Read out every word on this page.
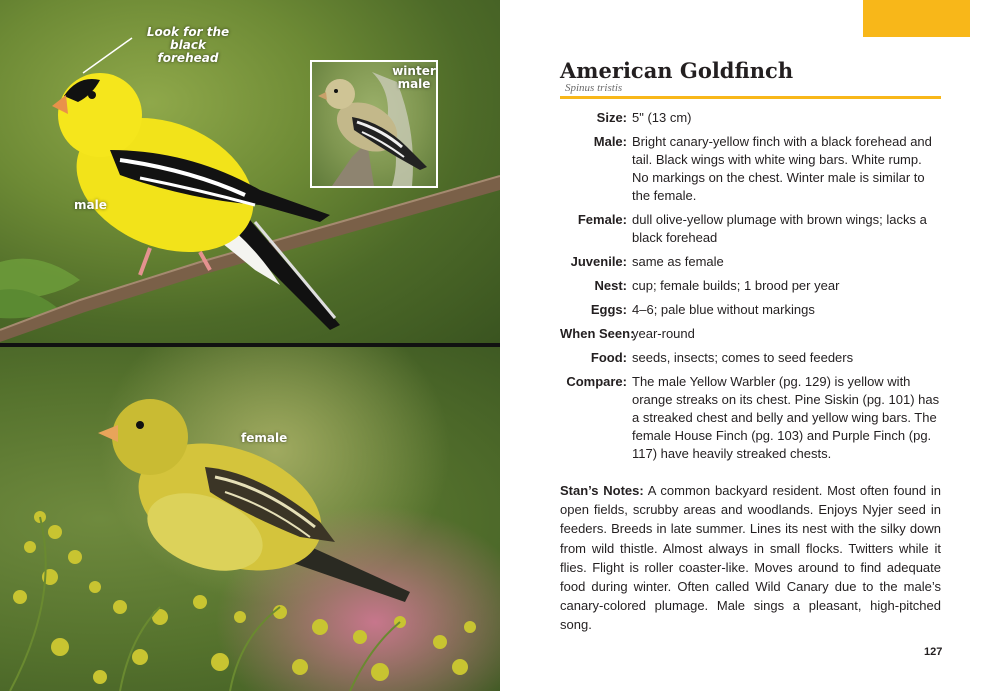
Look for the black forehead
male
winter male
female
American Goldfinch
Spinus tristis
Size: 5" (13 cm)
Male: Bright canary-yellow finch with a black forehead and tail. Black wings with white wing bars. White rump. No markings on the chest. Winter male is similar to the female.
Female: dull olive-yellow plumage with brown wings; lacks a black forehead
Juvenile: same as female
Nest: cup; female builds; 1 brood per year
Eggs: 4–6; pale blue without markings
When Seen:
year-round
Food: seeds, insects; comes to seed feeders
Compare: The male Yellow Warbler (pg. 129) is yellow with orange streaks on its chest. Pine Siskin (pg. 101) has a streaked chest and belly and yellow wing bars. The female House Finch (pg. 103) and Purple Finch (pg. 117) have heavily streaked chests.

Stan’s Notes: A common backyard resident. Most often found in open fields, scrubby areas and woodlands. Enjoys Nyjer seed in feeders. Breeds in late summer. Lines its nest with the silky down from wild thistle. Almost always in small flocks. Twitters while it flies. Flight is roller coaster-like. Moves around to find adequate food during winter. Often called Wild Canary due to the male’s canary-colored plumage. Male sings a pleasant, high-pitched song.

127
